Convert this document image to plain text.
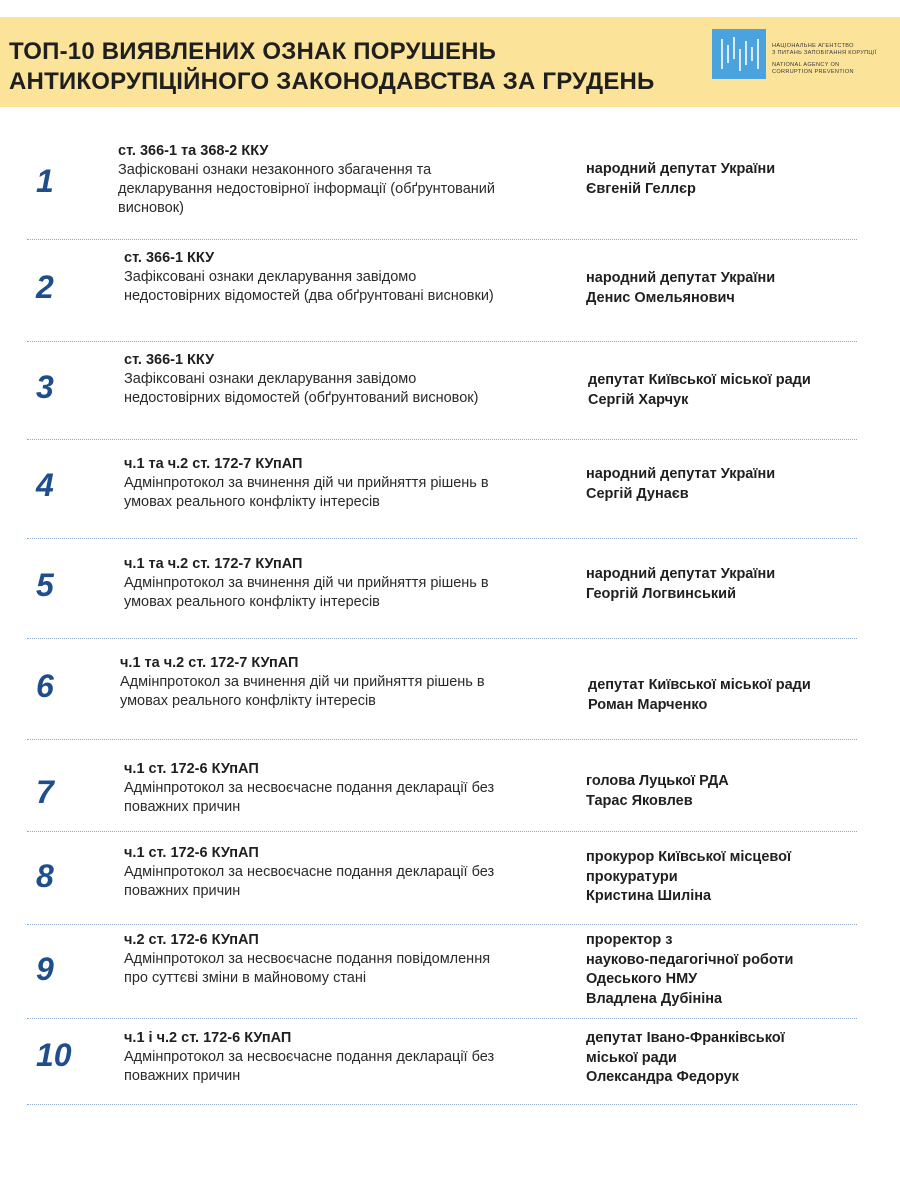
ТОП-10 ВИЯВЛЕНИХ ОЗНАК ПОРУШЕНЬ
АНТИКОРУПЦІЙНОГО ЗАКОНОДАВСТВА ЗА ГРУДЕНЬ
НАЦІОНАЛЬНЕ АГЕНТСТВО
З ПИТАНЬ ЗАПОБІГАННЯ КОРУПЦІЇ
NATIONAL AGENCY ON
CORRUPTION PREVENTION
1
ст. 366-1 та 368-2 ККУ
Зафісковані ознаки незаконного збагачення та декларування недостовірної інформації (обґрунтований висновок)
народний депутат України
Євгеній Геллєр
2
ст. 366-1 ККУ
Зафіксовані ознаки декларування завідомо недостовірних відомостей (два обґрунтовані висновки)
народний депутат України
Денис Омельянович
3
ст. 366-1 ККУ
Зафіксовані ознаки декларування завідомо недостовірних відомостей (обґрунтований висновок)
депутат Київської міської ради
Сергій Харчук
4
ч.1 та ч.2 ст. 172-7 КУпАП
Адмінпротокол за вчинення дій чи прийняття рішень в умовах реального конфлікту інтересів
народний депутат України
Сергій Дунаєв
5
ч.1 та ч.2 ст. 172-7 КУпАП
Адмінпротокол за вчинення дій чи прийняття рішень в умовах реального конфлікту інтересів
народний депутат України
Георгій Логвинський
6
ч.1 та ч.2 ст. 172-7 КУпАП
Адмінпротокол за вчинення дій чи прийняття рішень в умовах реального конфлікту інтересів
депутат Київської міської ради
Роман Марченко
7
ч.1 ст. 172-6 КУпАП
Адмінпротокол за несвоєчасне подання декларації без поважних причин
голова Луцької РДА
Тарас Яковлев
8
ч.1 ст. 172-6 КУпАП
Адмінпротокол за несвоєчасне подання декларації без поважних причин
прокурор Київської місцевої
прокуратури
Кристина Шиліна
9
ч.2 ст. 172-6 КУпАП
Адмінпротокол за несвоєчасне подання повідомлення про суттєві зміни в майновому стані
проректор з
науково-педагогічної роботи
Одеського НМУ
Владлена Дубініна
10	ч.1 і ч.2 ст. 172-6 КУпАП
Адмінпротокол за несвоєчасне подання декларації без поважних причин
депутат Івано-Франківської
міської ради
Олександра Федорук
